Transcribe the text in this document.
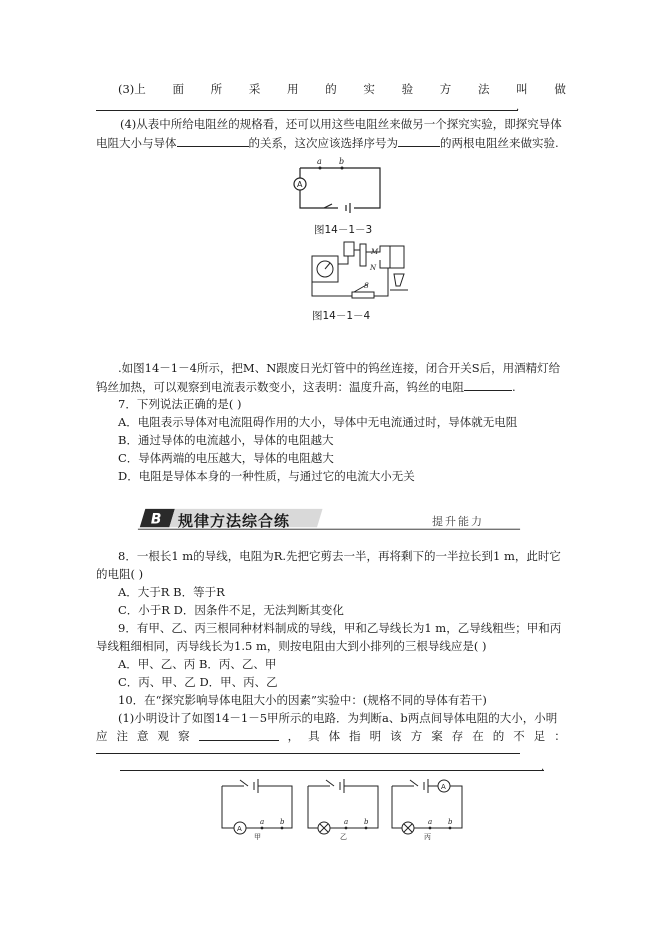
(3)上 面 所 采 用 的 实 验 方 法 叫 做
.
(4)从表中所给电阻丝的规格看，还可以用这些电阻丝来做另一个探究实验，即探究导体
电阻大小与导体	的关系，这次应该选择序号为	的两根电阻丝来做实验.
A
a b
图14－1－3
M
N
S
图14－1－4
.如图14－1－4所示，把M、N跟废日光灯管中的钨丝连接，闭合开关S后，用酒精灯给
钨丝加热，可以观察到电流表示数变小，这表明：温度升高，钨丝的电阻	.
7．下列说法正确的是( )
A．电阻表示导体对电流阻碍作用的大小，导体中无电流通过时，导体就无电阻
B．通过导体的电流越小，导体的电阻越大
C．导体两端的电压越大，导体的电阻越大
D．电阻是导体本身的一种性质，与通过它的电流大小无关
B 规律方法综合练	提升能力
8．一根长1 m的导线，电阻为R.先把它剪去一半，再将剩下的一半拉长到1 m，此时它
的电阻( )
A．大于R B．等于R
C．小于R D．因条件不足，无法判断其变化
9．有甲、乙、丙三根同种材料制成的导线，甲和乙导线长为1 m，乙导线粗些；甲和丙
导线粗细相同，丙导线长为1.5 m，则按电阻由大到小排列的三根导线应是( )
A．甲、乙、丙 B．丙、乙、甲
C．丙、甲、乙 D．甲、丙、乙
10．在“探究影响导体电阻大小的因素”实验中：(规格不同的导体有若干)
(1)小明设计了如图14－1－5甲所示的电路．为判断a、b两点间导体电阻的大小，小明
应 注 意 观 察	， 具 体 指 明 该 方 案 存 在 的 不 足 ：
.
A
A
a b	a b	a b
甲	乙	丙
